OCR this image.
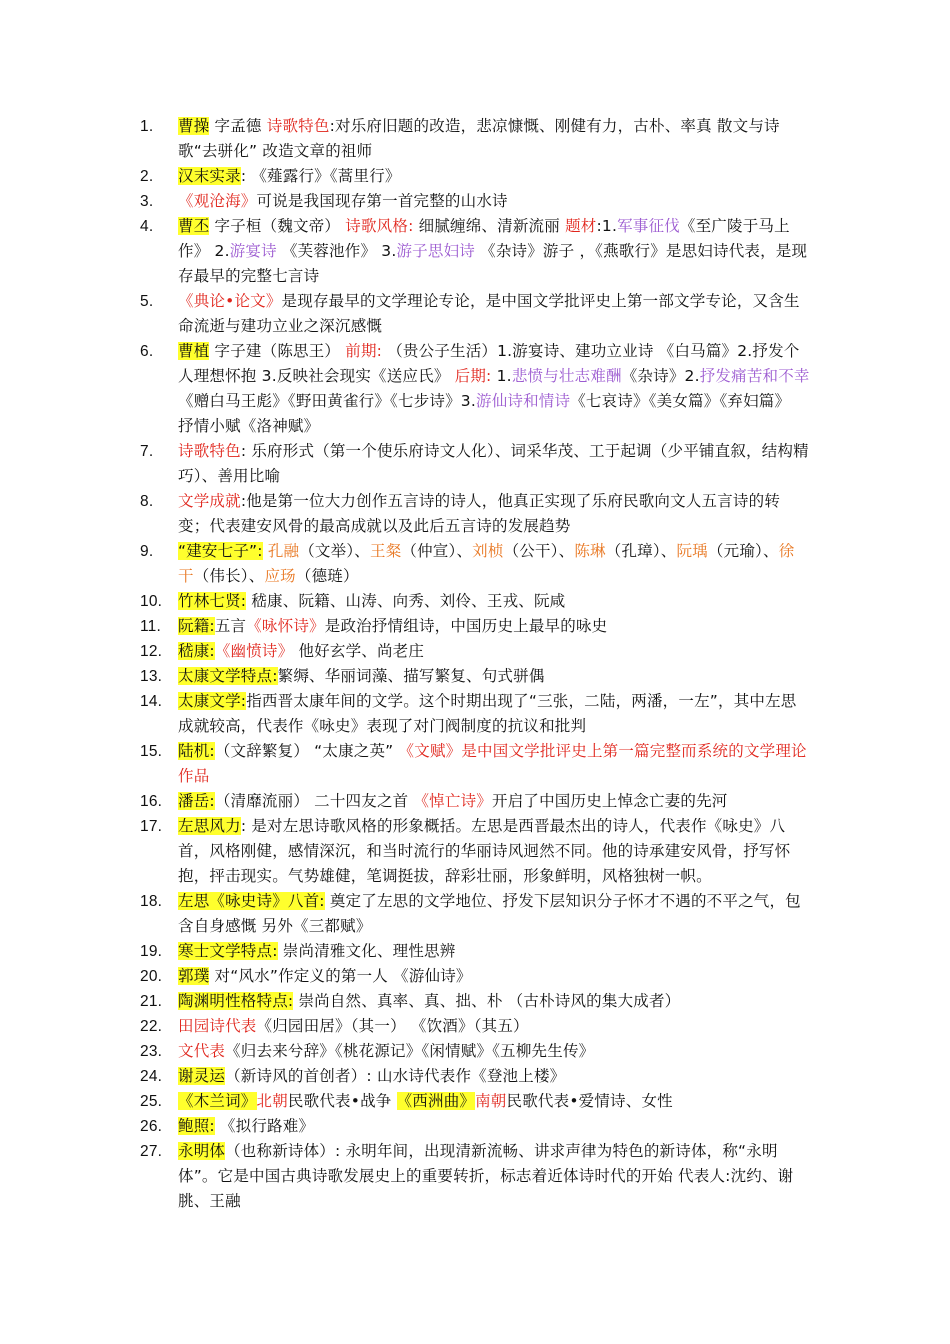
1.	曹操 字孟德 诗歌特色:对乐府旧题的改造，悲凉慷慨、刚健有力，古朴、率真 散文与诗歌“去骈化” 改造文章的祖师
2.	汉末实录: 《薤露行》《蒿里行》
3.	《观沧海》可说是我国现存第一首完整的山水诗
4.	曹丕 字子桓（魏文帝） 诗歌风格: 细腻缠绵、清新流丽 题材:1.军事征伐《至广陵于马上作》 2.游宴诗 《芙蓉池作》 3.游子思妇诗 《杂诗》游子 ，《燕歌行》是思妇诗代表，是现存最早的完整七言诗
5.	《典论•论文》是现存最早的文学理论专论，是中国文学批评史上第一部文学专论，又含生命流逝与建功立业之深沉感慨
6.	曹植 字子建（陈思王） 前期: （贵公子生活）1.游宴诗、建功立业诗 《白马篇》2.抒发个人理想怀抱 3.反映社会现实《送应氏》 后期: 1.悲愤与壮志难酬《杂诗》2.抒发痛苦和不幸《赠白马王彪》《野田黄雀行》《七步诗》3.游仙诗和情诗《七哀诗》《美女篇》《弃妇篇》 抒情小赋《洛神赋》
7.	诗歌特色: 乐府形式（第一个使乐府诗文人化）、词采华茂、工于起调（少平铺直叙，结构精巧）、善用比喻
8.	文学成就:他是第一位大力创作五言诗的诗人，他真正实现了乐府民歌向文人五言诗的转变；代表建安风骨的最高成就以及此后五言诗的发展趋势
9.	“建安七子”: 孔融（文举）、王粲（仲宣）、刘桢（公干）、陈琳（孔璋）、阮瑀（元瑜）、徐干（伟长）、应玚（德琏）
10.	竹林七贤: 嵇康、阮籍、山涛、向秀、刘伶、王戎、阮咸
11.	阮籍:五言《咏怀诗》是政治抒情组诗，中国历史上最早的咏史
12.	嵇康:《幽愤诗》 他好玄学、尚老庄
13.	太康文学特点:繁缛、华丽词藻、描写繁复、句式骈偶
14.	太康文学:指西晋太康年间的文学。这个时期出现了“三张，二陆，两潘，一左”，其中左思成就较高，代表作《咏史》表现了对门阀制度的抗议和批判
15.	陆机:（文辞繁复） “太康之英” 《文赋》是中国文学批评史上第一篇完整而系统的文学理论作品
16.	潘岳:（清靡流丽） 二十四友之首 《悼亡诗》开启了中国历史上悼念亡妻的先河
17.	左思风力: 是对左思诗歌风格的形象概括。左思是西晋最杰出的诗人，代表作《咏史》八首，风格刚健，感情深沉，和当时流行的华丽诗风迥然不同。他的诗承建安风骨，抒写怀抱，抨击现实。气势雄健，笔调挺拔，辞彩壮丽，形象鲜明，风格独树一帜。
18.	左思《咏史诗》八首: 奠定了左思的文学地位、抒发下层知识分子怀才不遇的不平之气，包含自身感慨 另外《三都赋》
19.	寒士文学特点: 崇尚清雅文化、理性思辨
20.	郭璞 对“风水”作定义的第一人 《游仙诗》
21.	陶渊明性格特点: 崇尚自然、真率、真、拙、朴 （古朴诗风的集大成者）
22.	田园诗代表《归园田居》（其一） 《饮酒》（其五）
23.	文代表《归去来兮辞》《桃花源记》《闲情赋》《五柳先生传》
24.	谢灵运（新诗风的首创者）: 山水诗代表作《登池上楼》
25.	《木兰词》北朝民歌代表•战争 《西洲曲》南朝民歌代表•爱情诗、女性
26.	鲍照: 《拟行路难》
27.	永明体（也称新诗体）: 永明年间，出现清新流畅、讲求声律为特色的新诗体，称“永明体”。它是中国古典诗歌发展史上的重要转折，标志着近体诗时代的开始 代表人:沈约、谢朓、王融
